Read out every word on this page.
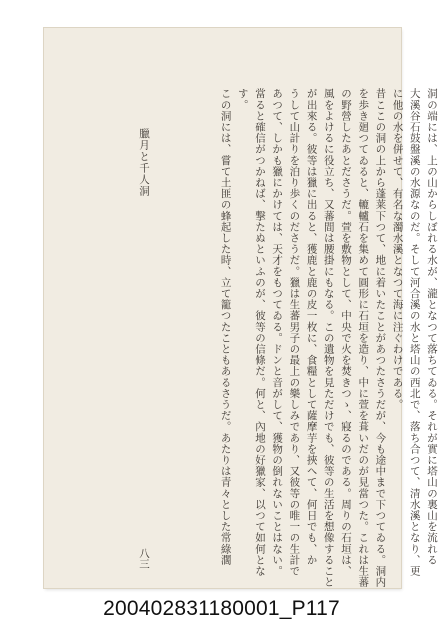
洞の端には、上の山からしぼれる水が、瀧となつて落ちてゐる。それが實に塔山の裏山を流れる

大溪谷石鼓盤溪の水源なのだ。そして河合溪の水と塔山の西北で、落ち合つて、清水溪となり、更

に他の水を併せて、有名な濁水溪となつて海に注ぐわけである。

昔ここの洞の上から蓬莱下つて、地に着いたことがあつたさうだが、今も途中まで下つてゐる。洞内

を歩き廻つてゐると、轆轤石を集めて圓形に石垣を造り、中に萱を葺いだのが見當つた。これは生蕃

の野營したあとださうだ。萱を敷物として、中央で火を焚きつゝ、寢るのである。周りの石垣は、

風をよけるに役立ち、又蕃間は腰掛にもなる。この遺物を見ただけでも、彼等の生活を想像すること

が出來る。彼等は獵に出ると、獲鹿と鹿の皮一枚に、食糧として薩摩芋を挾へて、何日でも、か

うして山計りを泊り歩くのださうだ。獵は生蕃男子の最上の樂しみであり、又彼等の唯一の生計で

あつて、しかも獵にかけては、天才をもつてゐる。ドンと音がして、獲物の倒れないことはない。

當ると確信がつかねば、撃たぬといふのが、彼等の信條だ。何と、內地の好獵家、以つて如何とな

す。

この洞には、嘗て土匪の蜂起した時、立て籠つたこともあるさうだ。あたりは青々とした常綠濶

臘月と千人洞
八三
200402831180001_P117
